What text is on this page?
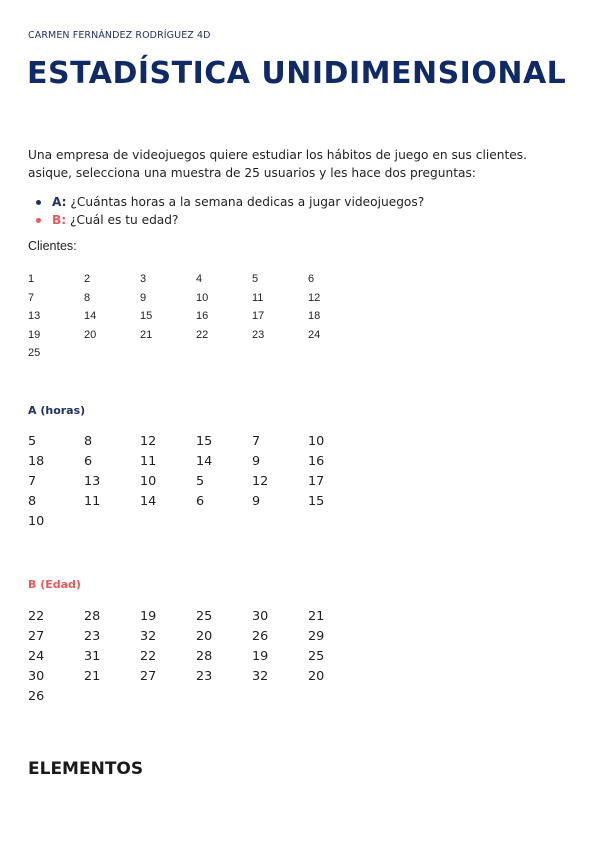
CARMEN FERNÁNDEZ RODRÍGUEZ 4D
ESTADÍSTICA UNIDIMENSIONAL
Una empresa de videojuegos quiere estudiar los hábitos de juego en sus clientes. asique, selecciona una muestra de 25 usuarios y les hace dos preguntas:
A: ¿Cuántas horas a la semana dedicas a jugar videojuegos?
B: ¿Cuál es tu edad?
Clientes:
1	2	3	4	5	6
7	8	9	10	11	12
13	14	15	16	17	18
19	20	21	22	23	24
25
A (horas)
5	8	12	15	7	10
18	6	11	14	9	16
7	13	10	5	12	17
8	11	14	6	9	15
10
B (Edad)
22	28	19	25	30	21
27	23	32	20	26	29
24	31	22	28	19	25
30	21	27	23	32	20
26
ELEMENTOS
